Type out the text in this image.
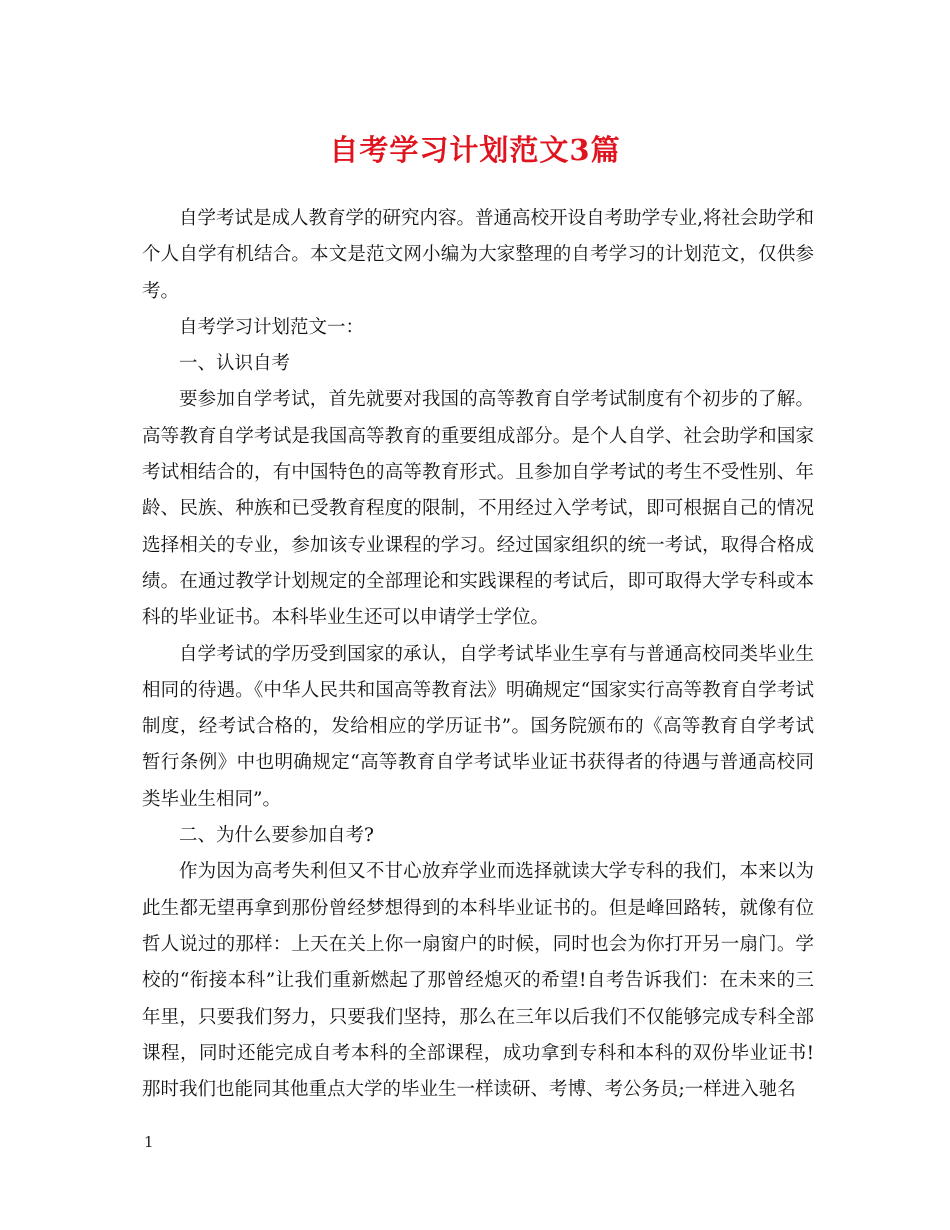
自考学习计划范文3篇

自学考试是成人教育学的研究内容。普通高校开设自考助学专业,将社会助学和个人自学有机结合。本文是范文网小编为大家整理的自考学习的计划范文，仅供参考。

自考学习计划范文一：

一、认识自考

要参加自学考试，首先就要对我国的高等教育自学考试制度有个初步的了解。高等教育自学考试是我国高等教育的重要组成部分。是个人自学、社会助学和国家考试相结合的，有中国特色的高等教育形式。且参加自学考试的考生不受性别、年龄、民族、种族和已受教育程度的限制，不用经过入学考试，即可根据自己的情况选择相关的专业，参加该专业课程的学习。经过国家组织的统一考试，取得合格成绩。在通过教学计划规定的全部理论和实践课程的考试后，即可取得大学专科或本科的毕业证书。本科毕业生还可以申请学士学位。

自学考试的学历受到国家的承认，自学考试毕业生享有与普通高校同类毕业生相同的待遇。《中华人民共和国高等教育法》明确规定“国家实行高等教育自学考试制度，经考试合格的，发给相应的学历证书”。国务院颁布的《高等教育自学考试暂行条例》中也明确规定“高等教育自学考试毕业证书获得者的待遇与普通高校同类毕业生相同”。

二、为什么要参加自考?

作为因为高考失利但又不甘心放弃学业而选择就读大学专科的我们，本来以为此生都无望再拿到那份曾经梦想得到的本科毕业证书的。但是峰回路转，就像有位哲人说过的那样：上天在关上你一扇窗户的时候，同时也会为你打开另一扇门。学校的“衔接本科”让我们重新燃起了那曾经熄灭的希望!自考告诉我们：在未来的三年里，只要我们努力，只要我们坚持，那么在三年以后我们不仅能够完成专科全部课程，同时还能完成自考本科的全部课程，成功拿到专科和本科的双份毕业证书!那时我们也能同其他重点大学的毕业生一样读研、考博、考公务员;一样进入驰名

1
